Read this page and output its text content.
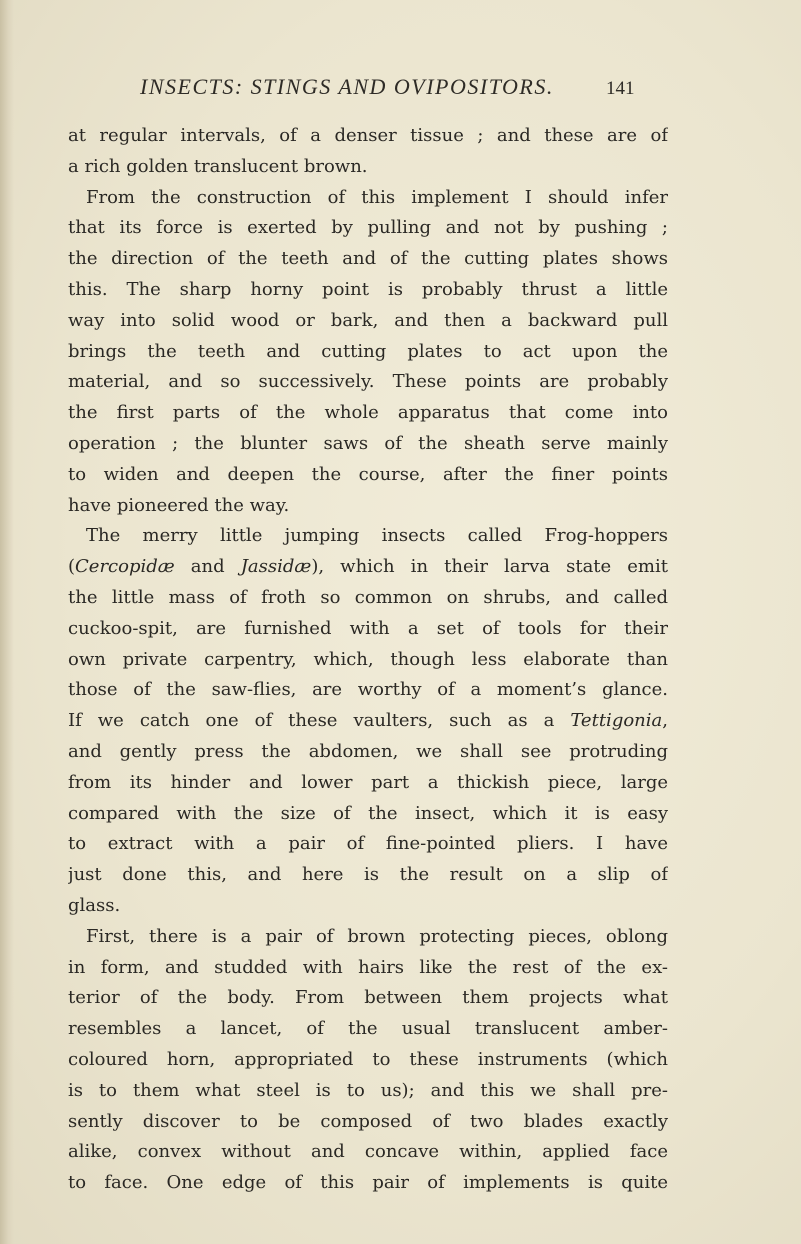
INSECTS: STINGS AND OVIPOSITORS.	141
at regular intervals, of a denser tissue ; and these are of
a rich golden translucent brown.
From the construction of this implement I should infer
that its force is exerted by pulling and not by pushing ;
the direction of the teeth and of the cutting plates shows
this. The sharp horny point is probably thrust a little
way into solid wood or bark, and then a backward pull
brings the teeth and cutting plates to act upon the
material, and so successively. These points are probably
the first parts of the whole apparatus that come into
operation ; the blunter saws of the sheath serve mainly
to widen and deepen the course, after the finer points
have pioneered the way.
The merry little jumping insects called Frog-hoppers
(Cercopidæ and Jassidæ), which in their larva state emit
the little mass of froth so common on shrubs, and called
cuckoo-spit, are furnished with a set of tools for their
own private carpentry, which, though less elaborate than
those of the saw-flies, are worthy of a moment’s glance.
If we catch one of these vaulters, such as a Tettigonia,
and gently press the abdomen, we shall see protruding
from its hinder and lower part a thickish piece, large
compared with the size of the insect, which it is easy
to extract with a pair of fine-pointed pliers. I have
just done this, and here is the result on a slip of
glass.
First, there is a pair of brown protecting pieces, oblong
in form, and studded with hairs like the rest of the ex-
terior of the body. From between them projects what
resembles a lancet, of the usual translucent amber-
coloured horn, appropriated to these instruments (which
is to them what steel is to us); and this we shall pre-
sently discover to be composed of two blades exactly
alike, convex without and concave within, applied face
to face. One edge of this pair of implements is quite
